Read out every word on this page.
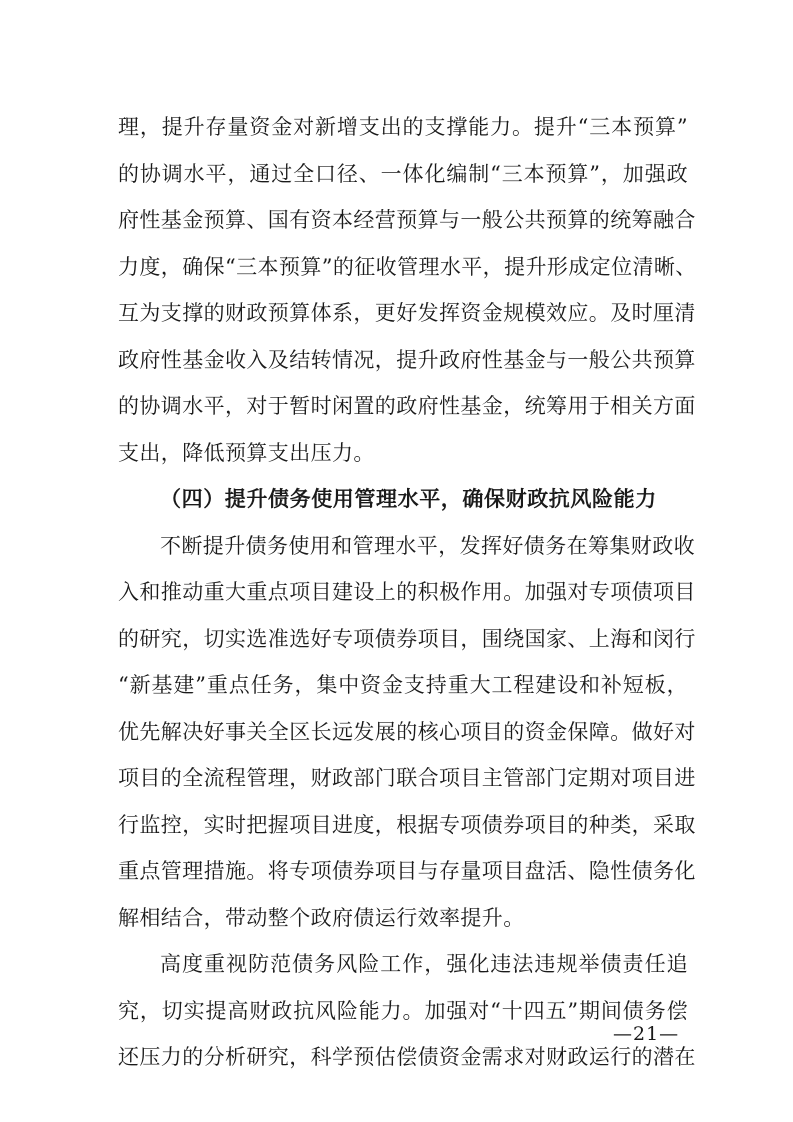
理，提升存量资金对新增支出的支撑能力。提升“三本预算”
的协调水平，通过全口径、一体化编制“三本预算”，加强政
府性基金预算、国有资本经营预算与一般公共预算的统筹融合
力度，确保“三本预算”的征收管理水平，提升形成定位清晰、
互为支撑的财政预算体系，更好发挥资金规模效应。及时厘清
政府性基金收入及结转情况，提升政府性基金与一般公共预算
的协调水平，对于暂时闲置的政府性基金，统筹用于相关方面
支出，降低预算支出压力。
（四）提升债务使用管理水平，确保财政抗风险能力
不断提升债务使用和管理水平，发挥好债务在筹集财政收
入和推动重大重点项目建设上的积极作用。加强对专项债项目
的研究，切实选准选好专项债券项目，围绕国家、上海和闵行
“新基建”重点任务，集中资金支持重大工程建设和补短板，
优先解决好事关全区长远发展的核心项目的资金保障。做好对
项目的全流程管理，财政部门联合项目主管部门定期对项目进
行监控，实时把握项目进度，根据专项债券项目的种类，采取
重点管理措施。将专项债券项目与存量项目盘活、隐性债务化
解相结合，带动整个政府债运行效率提升。
高度重视防范债务风险工作，强化违法违规举债责任追
究，切实提高财政抗风险能力。加强对“十四五”期间债务偿
还压力的分析研究，科学预估偿债资金需求对财政运行的潜在
—21—
